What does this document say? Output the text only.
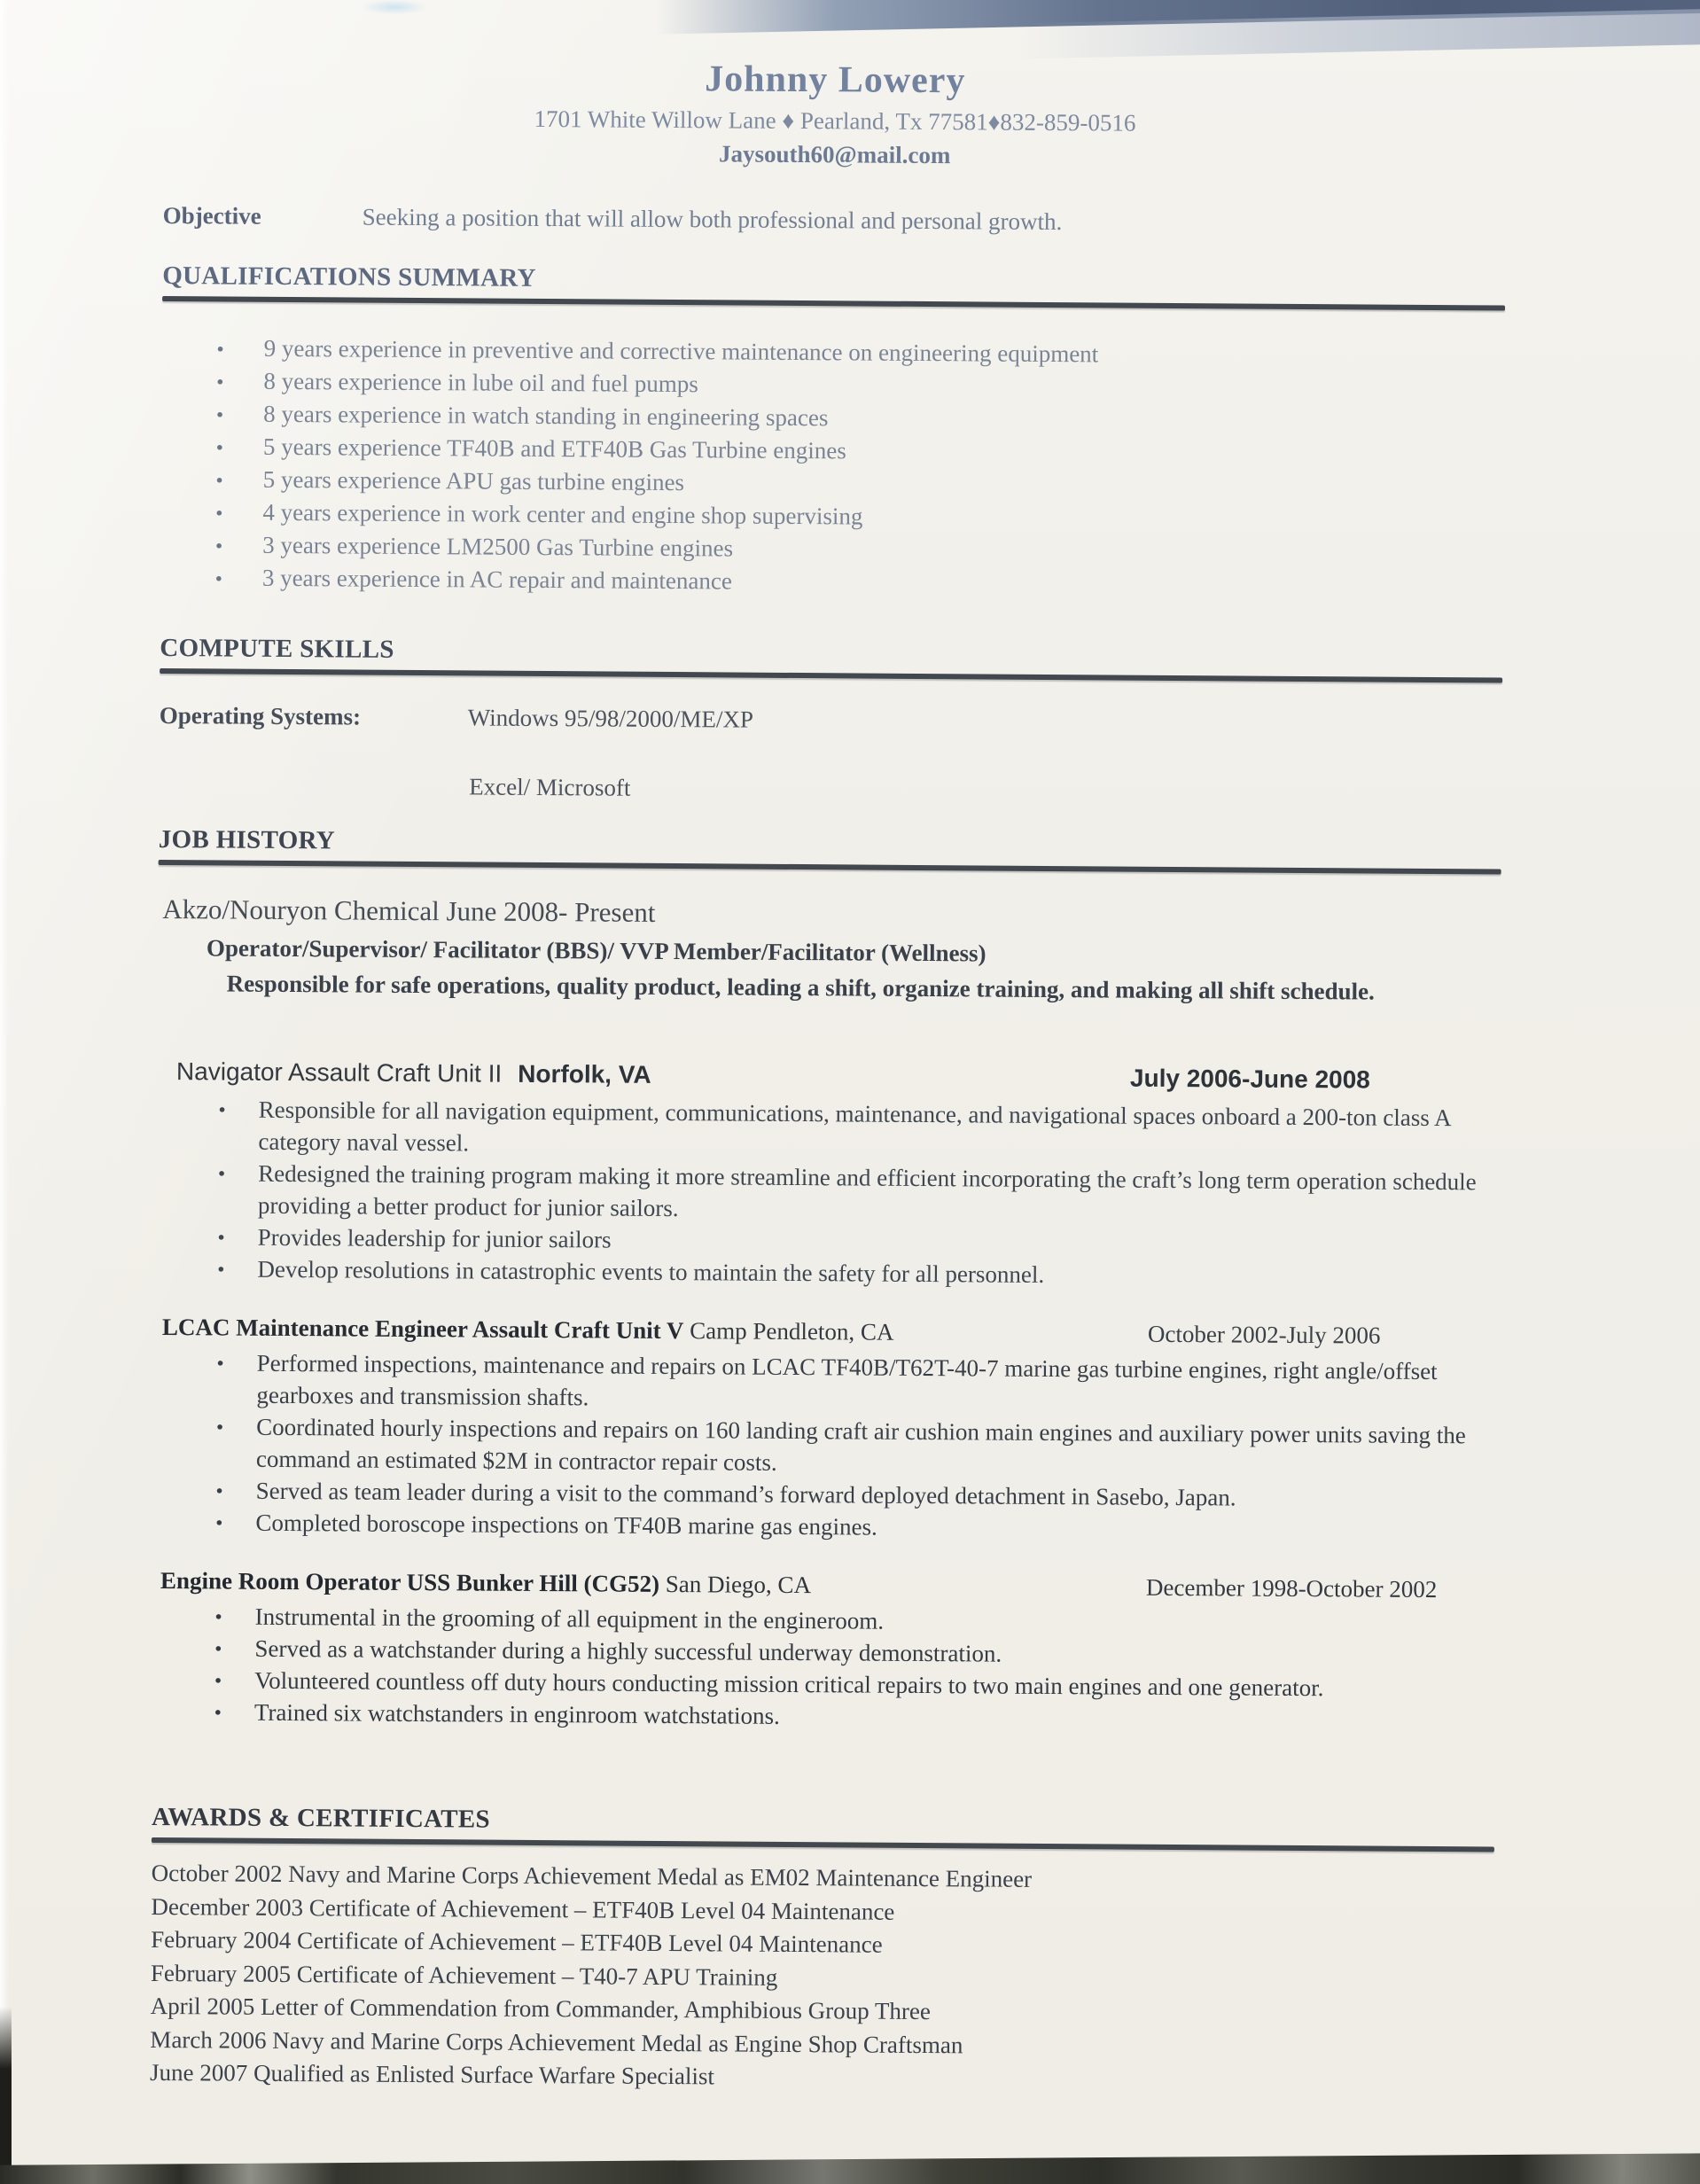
Johnny Lowery
1701 White Willow Lane ♦ Pearland, Tx 77581♦832-859-0516
Jaysouth60@mail.com
Objective	Seeking a position that will allow both professional and personal growth.
QUALIFICATIONS SUMMARY
● 9 years experience in preventive and corrective maintenance on engineering equipment
● 8 years experience in lube oil and fuel pumps
● 8 years experience in watch standing in engineering spaces
● 5 years experience TF40B and ETF40B Gas Turbine engines
● 5 years experience APU gas turbine engines
● 4 years experience in work center and engine shop supervising
● 3 years experience LM2500 Gas Turbine engines
● 3 years experience in AC repair and maintenance
COMPUTE SKILLS
Operating Systems:	Windows 95/98/2000/ME/XP
Excel/ Microsoft
JOB HISTORY
Akzo/Nouryon Chemical June 2008- Present
Operator/Supervisor/ Facilitator (BBS)/ VVP Member/Facilitator (Wellness)

Responsible for safe operations, quality product, leading a shift, organize training, and making all shift schedule.

Navigator Assault Craft Unit II Norfolk, VA	July 2006-June 2008
● Responsible for all navigation equipment, communications, maintenance, and navigational spaces onboard a 200-ton class A category naval vessel.
● Redesigned the training program making it more streamline and efficient incorporating the craft’s long term operation schedule providing a better product for junior sailors.
● Provides leadership for junior sailors
● Develop resolutions in catastrophic events to maintain the safety for all personnel.
LCAC Maintenance Engineer Assault Craft Unit V Camp Pendleton, CA	October 2002-July 2006
● Performed inspections, maintenance and repairs on LCAC TF40B/T62T-40-7 marine gas turbine engines, right angle/offset gearboxes and transmission shafts.
● Coordinated hourly inspections and repairs on 160 landing craft air cushion main engines and auxiliary power units saving the command an estimated $2M in contractor repair costs.
● Served as team leader during a visit to the command’s forward deployed detachment in Sasebo, Japan.
● Completed boroscope inspections on TF40B marine gas engines.
Engine Room Operator USS Bunker Hill (CG52) San Diego, CA	December 1998-October 2002
● Instrumental in the grooming of all equipment in the engineroom.
● Served as a watchstander during a highly successful underway demonstration.
● Volunteered countless off duty hours conducting mission critical repairs to two main engines and one generator.
● Trained six watchstanders in enginroom watchstations.
AWARDS & CERTIFICATES
October 2002 Navy and Marine Corps Achievement Medal as EM02 Maintenance Engineer
December 2003 Certificate of Achievement – ETF40B Level 04 Maintenance
February 2004 Certificate of Achievement – ETF40B Level 04 Maintenance
February 2005 Certificate of Achievement – T40-7 APU Training
April 2005 Letter of Commendation from Commander, Amphibious Group Three
March 2006 Navy and Marine Corps Achievement Medal as Engine Shop Craftsman
June 2007 Qualified as Enlisted Surface Warfare Specialist
